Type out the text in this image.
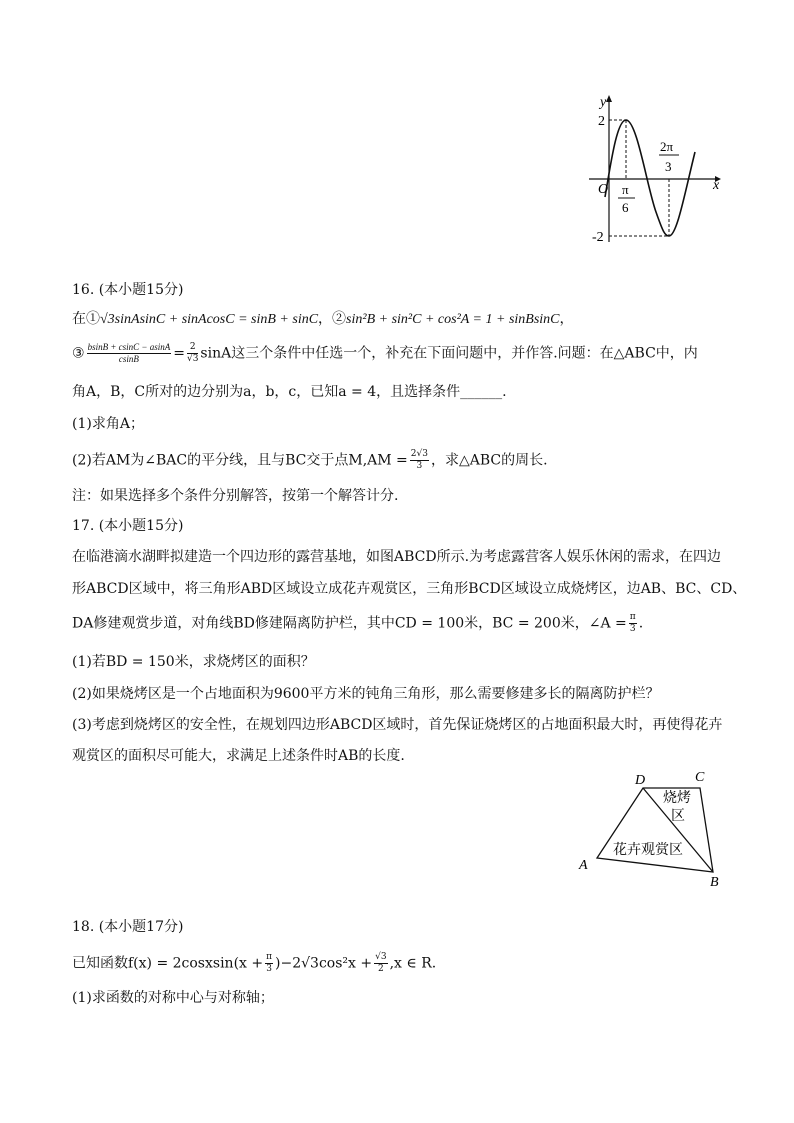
y
x
O
2
-2
π
6
2π
3
16. (本小题15分)
在①√3sinAsinC + sinAcosC = sinB + sinC，②sin²B + sin²C + cos²A = 1 + sinBsinC，
③ $\frac{bsinB + csinC - asinA}{csinB} = \frac{2}{√3}$ sinA这三个条件中任选一个，补充在下面问题中，并作答.问题：在△ABC中，内
角A，B，C所对的边分别为a，b，c，已知a = 4，且选择条件______.
(1)求角A；
(2)若AM为∠BAC的平分线，且与BC交于点$M,AM = \frac{2√3}{3}$ ，求△ABC的周长.
注：如果选择多个条件分别解答，按第一个解答计分.
17. (本小题15分)
在临港滴水湖畔拟建造一个四边形的露营基地，如图ABCD所示.为考虑露营客人娱乐休闲的需求，在四边
形ABCD区域中，将三角形ABD区域设立成花卉观赏区，三角形BCD区域设立成烧烤区，边AB、BC、CD、
DA修建观赏步道，对角线BD修建隔离防护栏，其中CD = 100米，BC = 200米，∠A = $\frac{\pi}{3}$ .
(1)若BD = 150米，求烧烤区的面积？
(2)如果烧烤区是一个占地面积为9600平方米的钝角三角形，那么需要修建多长的隔离防护栏？
(3)考虑到烧烤区的安全性，在规划四边形ABCD区域时，首先保证烧烤区的占地面积最大时，再使得花卉
观赏区的面积尽可能大，求满足上述条件时AB的长度.
A
B
C
D
烧烤
区
花卉观赏区
18. (本小题17分)
已知函数f(x) = 2cosxsin(x + $\frac{\pi}{3} )-2√3\cos^2x + \frac{√3}{2} ,x$ ∈ R.
(1)求函数的对称中心与对称轴；
